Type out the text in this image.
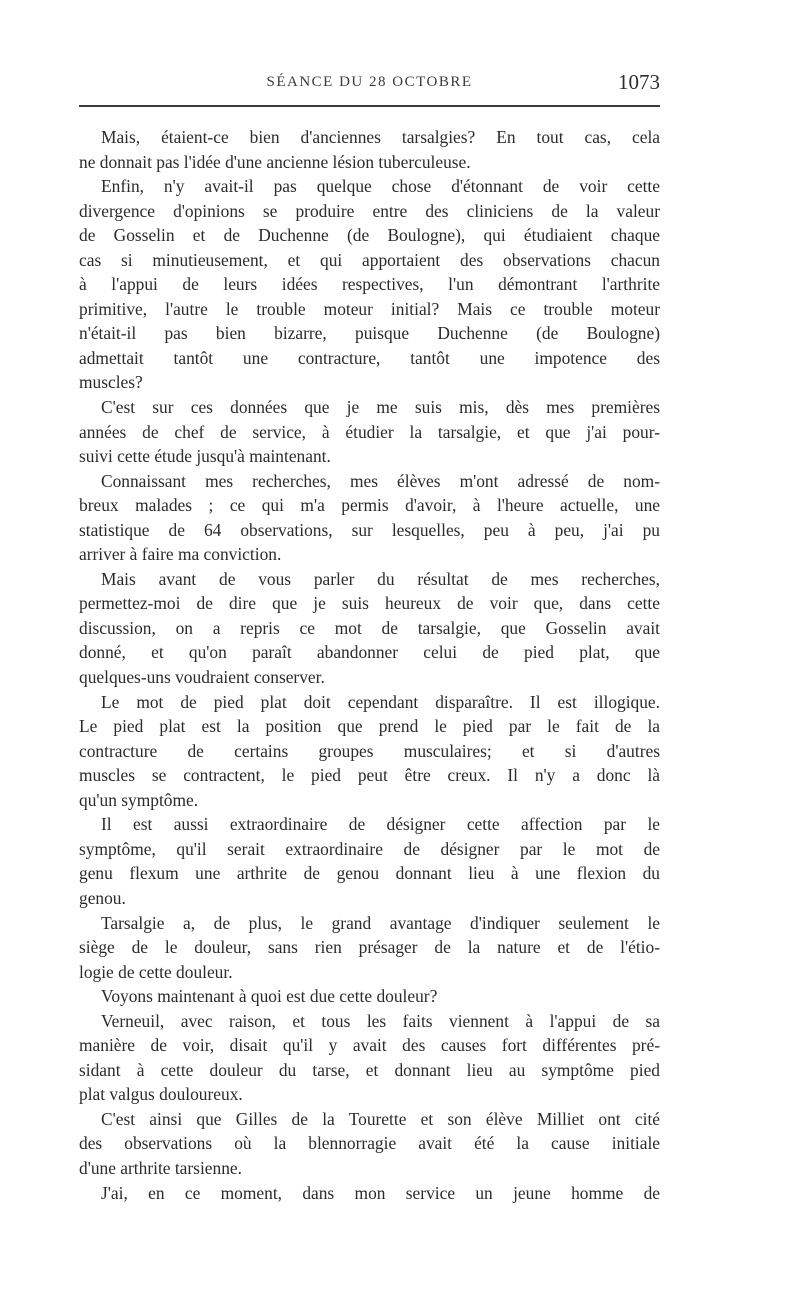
SÉANCE DU 28 OCTOBRE	1073
Mais, étaient-ce bien d'anciennes tarsalgies? En tout cas, cela
ne donnait pas l'idée d'une ancienne lésion tuberculeuse.
Enfin, n'y avait-il pas quelque chose d'étonnant de voir cette
divergence d'opinions se produire entre des cliniciens de la valeur
de Gosselin et de Duchenne (de Boulogne), qui étudiaient chaque
cas si minutieusement, et qui apportaient des observations chacun
à l'appui de leurs idées respectives, l'un démontrant l'arthrite
primitive, l'autre le trouble moteur initial? Mais ce trouble moteur
n'était-il pas bien bizarre, puisque Duchenne (de Boulogne)
admettait tantôt une contracture, tantôt une impotence des
muscles?
C'est sur ces données que je me suis mis, dès mes premières
années de chef de service, à étudier la tarsalgie, et que j'ai pour-
suivi cette étude jusqu'à maintenant.
Connaissant mes recherches, mes élèves m'ont adressé de nom-
breux malades ; ce qui m'a permis d'avoir, à l'heure actuelle, une
statistique de 64 observations, sur lesquelles, peu à peu, j'ai pu
arriver à faire ma conviction.
Mais avant de vous parler du résultat de mes recherches,
permettez-moi de dire que je suis heureux de voir que, dans cette
discussion, on a repris ce mot de tarsalgie, que Gosselin avait
donné, et qu'on paraît abandonner celui de pied plat, que
quelques-uns voudraient conserver.
Le mot de pied plat doit cependant disparaître. Il est illogique.
Le pied plat est la position que prend le pied par le fait de la
contracture de certains groupes musculaires; et si d'autres
muscles se contractent, le pied peut être creux. Il n'y a donc là
qu'un symptôme.
Il est aussi extraordinaire de désigner cette affection par le
symptôme, qu'il serait extraordinaire de désigner par le mot de
genu flexum une arthrite de genou donnant lieu à une flexion du
genou.
Tarsalgie a, de plus, le grand avantage d'indiquer seulement le
siège de le douleur, sans rien présager de la nature et de l'étio-
logie de cette douleur.
Voyons maintenant à quoi est due cette douleur?
Verneuil, avec raison, et tous les faits viennent à l'appui de sa
manière de voir, disait qu'il y avait des causes fort différentes pré-
sidant à cette douleur du tarse, et donnant lieu au symptôme pied
plat valgus douloureux.
C'est ainsi que Gilles de la Tourette et son élève Milliet ont cité
des observations où la blennorragie avait été la cause initiale
d'une arthrite tarsienne.
J'ai, en ce moment, dans mon service un jeune homme de
